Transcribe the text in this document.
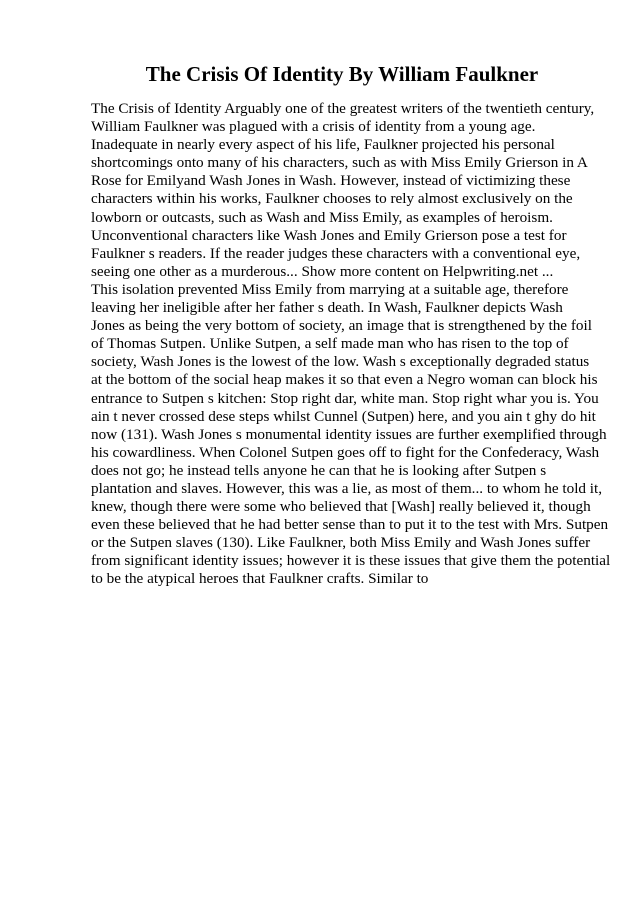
The Crisis Of Identity By William Faulkner
The Crisis of Identity Arguably one of the greatest writers of the twentieth century,
William Faulkner was plagued with a crisis of identity from a young age.
Inadequate in nearly every aspect of his life, Faulkner projected his personal
shortcomings onto many of his characters, such as with Miss Emily Grierson in A
Rose for Emilyand Wash Jones in Wash. However, instead of victimizing these
characters within his works, Faulkner chooses to rely almost exclusively on the
lowborn or outcasts, such as Wash and Miss Emily, as examples of heroism.
Unconventional characters like Wash Jones and Emily Grierson pose a test for
Faulkner s readers. If the reader judges these characters with a conventional eye,
seeing one other as a murderous... Show more content on Helpwriting.net ...
This isolation prevented Miss Emily from marrying at a suitable age, therefore
leaving her ineligible after her father s death. In Wash, Faulkner depicts Wash
Jones as being the very bottom of society, an image that is strengthened by the foil
of Thomas Sutpen. Unlike Sutpen, a self made man who has risen to the top of
society, Wash Jones is the lowest of the low. Wash s exceptionally degraded status
at the bottom of the social heap makes it so that even a Negro woman can block his
entrance to Sutpen s kitchen: Stop right dar, white man. Stop right whar you is. You
ain t never crossed dese steps whilst Cunnel (Sutpen) here, and you ain t ghy do hit
now (131). Wash Jones s monumental identity issues are further exemplified through
his cowardliness. When Colonel Sutpen goes off to fight for the Confederacy, Wash
does not go; he instead tells anyone he can that he is looking after Sutpen s
plantation and slaves. However, this was a lie, as most of them... to whom he told it,
knew, though there were some who believed that [Wash] really believed it, though
even these believed that he had better sense than to put it to the test with Mrs. Sutpen
or the Sutpen slaves (130). Like Faulkner, both Miss Emily and Wash Jones suffer
from significant identity issues; however it is these issues that give them the potential
to be the atypical heroes that Faulkner crafts. Similar to
